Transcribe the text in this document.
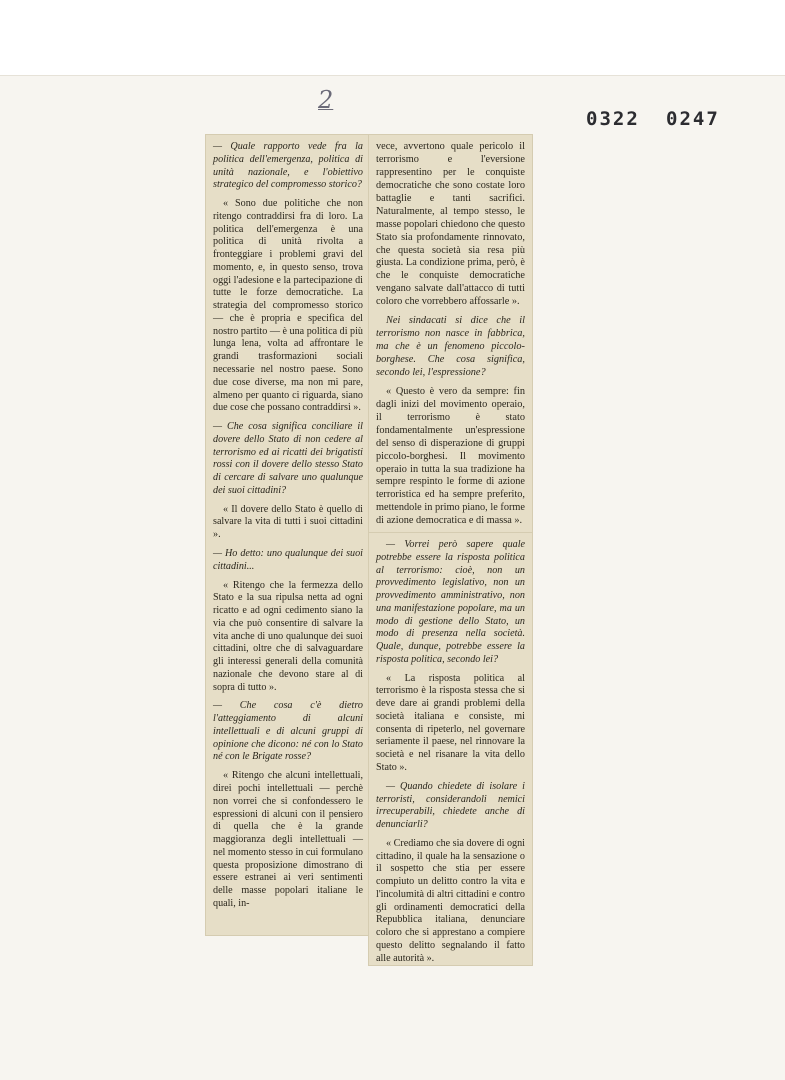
2
0322 0247

— Quale rapporto vede fra la politica dell'emergenza, politica di unità nazionale, e l'obiettivo strategico del compromesso storico?

« Sono due politiche che non ritengo contraddirsi fra di loro. La politica dell'emergenza è una politica di unità rivolta a fronteggiare i problemi gravi del momento, e, in questo senso, trova oggi l'adesione e la partecipazione di tutte le forze democratiche. La strategia del compromesso storico — che è propria e specifica del nostro partito — è una politica di più lunga lena, volta ad affrontare le grandi trasformazioni sociali necessarie nel nostro paese. Sono due cose diverse, ma non mi pare, almeno per quanto ci riguarda, siano due cose che possano contraddirsi ».

— Che cosa significa conciliare il dovere dello Stato di non cedere al terrorismo ed ai ricatti dei brigatisti rossi con il dovere dello stesso Stato di cercare di salvare uno qualunque dei suoi cittadini?

« Il dovere dello Stato è quello di salvare la vita di tutti i suoi cittadini ».

— Ho detto: uno qualunque dei suoi cittadini...

« Ritengo che la fermezza dello Stato e la sua ripulsa netta ad ogni ricatto e ad ogni cedimento siano la via che può consentire di salvare la vita anche di uno qualunque dei suoi cittadini, oltre che di salvaguardare gli interessi generali della comunità nazionale che devono stare al di sopra di tutto ».

— Che cosa c'è dietro l'atteggiamento di alcuni intellettuali e di alcuni gruppi di opinione che dicono: né con lo Stato né con le Brigate rosse?

« Ritengo che alcuni intellettuali, direi pochi intellettuali — perchè non vorrei che si confondessero le espressioni di alcuni con il pensiero di quella che è la grande maggioranza degli intellettuali — nel momento stesso in cui formulano questa proposizione dimostrano di essere estranei ai veri sentimenti delle masse popolari italiane le quali, in-

vece, avvertono quale pericolo il terrorismo e l'eversione rappresentino per le conquiste democratiche che sono costate loro battaglie e tanti sacrifici. Naturalmente, al tempo stesso, le masse popolari chiedono che questo Stato sia profondamente rinnovato, che questa società sia resa più giusta. La condizione prima, però, è che le conquiste democratiche vengano salvate dall'attacco di tutti coloro che vorrebbero affossarle ».

Nei sindacati si dice che il terrorismo non nasce in fabbrica, ma che è un fenomeno piccolo-borghese. Che cosa significa, secondo lei, l'espressione?

« Questo è vero da sempre: fin dagli inizi del movimento operaio, il terrorismo è stato fondamentalmente un'espressione del senso di disperazione di gruppi piccolo-borghesi. Il movimento operaio in tutta la sua tradizione ha sempre respinto le forme di azione terroristica ed ha sempre preferito, mettendole in primo piano, le forme di azione democratica e di massa ».

— Vorrei però sapere quale potrebbe essere la risposta politica al terrorismo: cioè, non un provvedimento legislativo, non un provvedimento amministrativo, non una manifestazione popolare, ma un modo di gestione dello Stato, un modo di presenza nella società. Quale, dunque, potrebbe essere la risposta politica, secondo lei?

« La risposta politica al terrorismo è la risposta stessa che si deve dare ai grandi problemi della società italiana e consiste, mi consenta di ripeterlo, nel governare seriamente il paese, nel rinnovare la società e nel risanare la vita dello Stato ».

— Quando chiedete di isolare i terroristi, considerandoli nemici irrecuperabili, chiedete anche di denunciarli?

« Crediamo che sia dovere di ogni cittadino, il quale ha la sensazione o il sospetto che stia per essere compiuto un delitto contro la vita e l'incolumità di altri cittadini e contro gli ordinamenti democratici della Repubblica italiana, denunciare coloro che si apprestano a compiere questo delitto segnalando il fatto alle autorità ».
